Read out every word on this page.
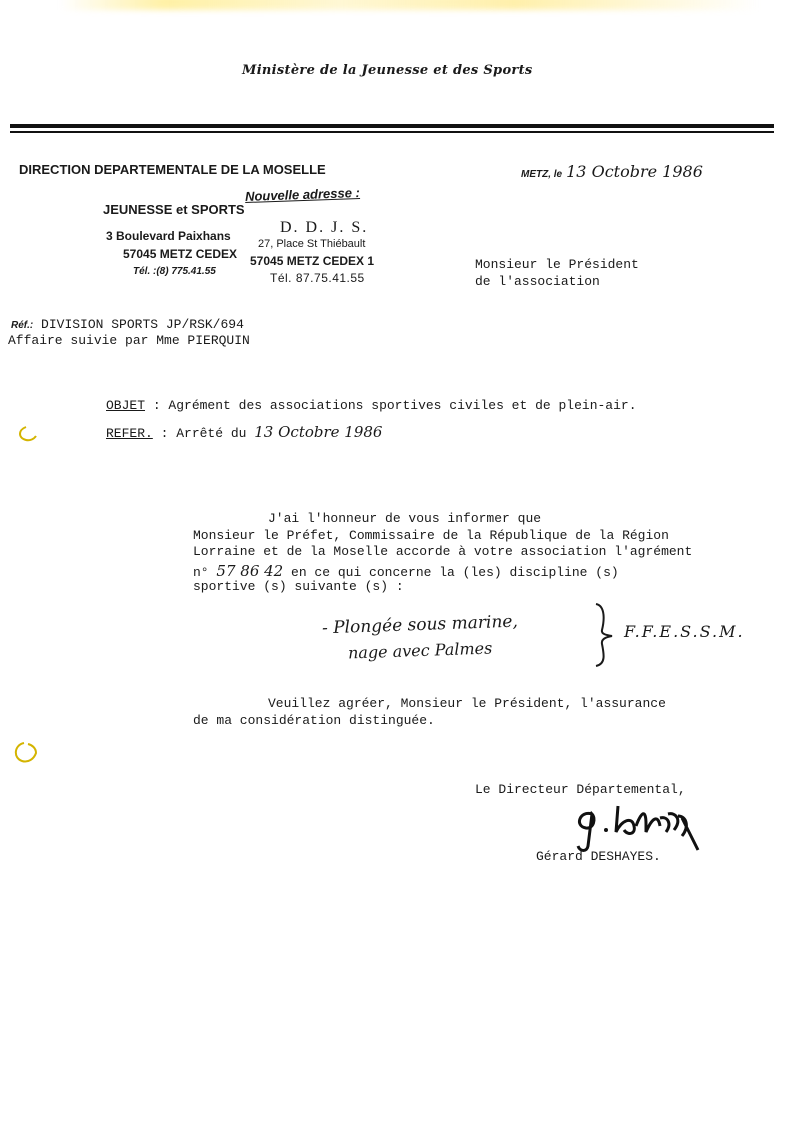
Ministère de la Jeunesse et des Sports
DIRECTION DEPARTEMENTALE DE LA MOSELLE
JEUNESSE et SPORTS
3 Boulevard Paixhans
57045 METZ CEDEX
Tél. :(8) 775.41.55
Nouvelle adresse :
D. D. J. S.
27, Place St Thiébault
57045 METZ CEDEX 1
Tél. 87.75.41.55
METZ, le 13 Octobre 1986
Monsieur le Président
de l'association
Réf.: DIVISION SPORTS JP/RSK/694
Affaire suivie par Mme PIERQUIN
OBJET : Agrément des associations sportives civiles et de plein-air.
REFER. : Arrêté du 13 Octobre 1986
J'ai l'honneur de vous informer que
Monsieur le Préfet, Commissaire de la République de la Région
Lorraine et de la Moselle accorde à votre association l'agrément
n° 57 86 42 en ce qui concerne la (les) discipline (s)
sportive (s) suivante (s) :
- Plongée sous marine,
nage avec Palmes
F.F.E.S.S.M.
Veuillez agréer, Monsieur le Président, l'assurance
de ma considération distinguée.
Le Directeur Départemental,
Gérard DESHAYES.
